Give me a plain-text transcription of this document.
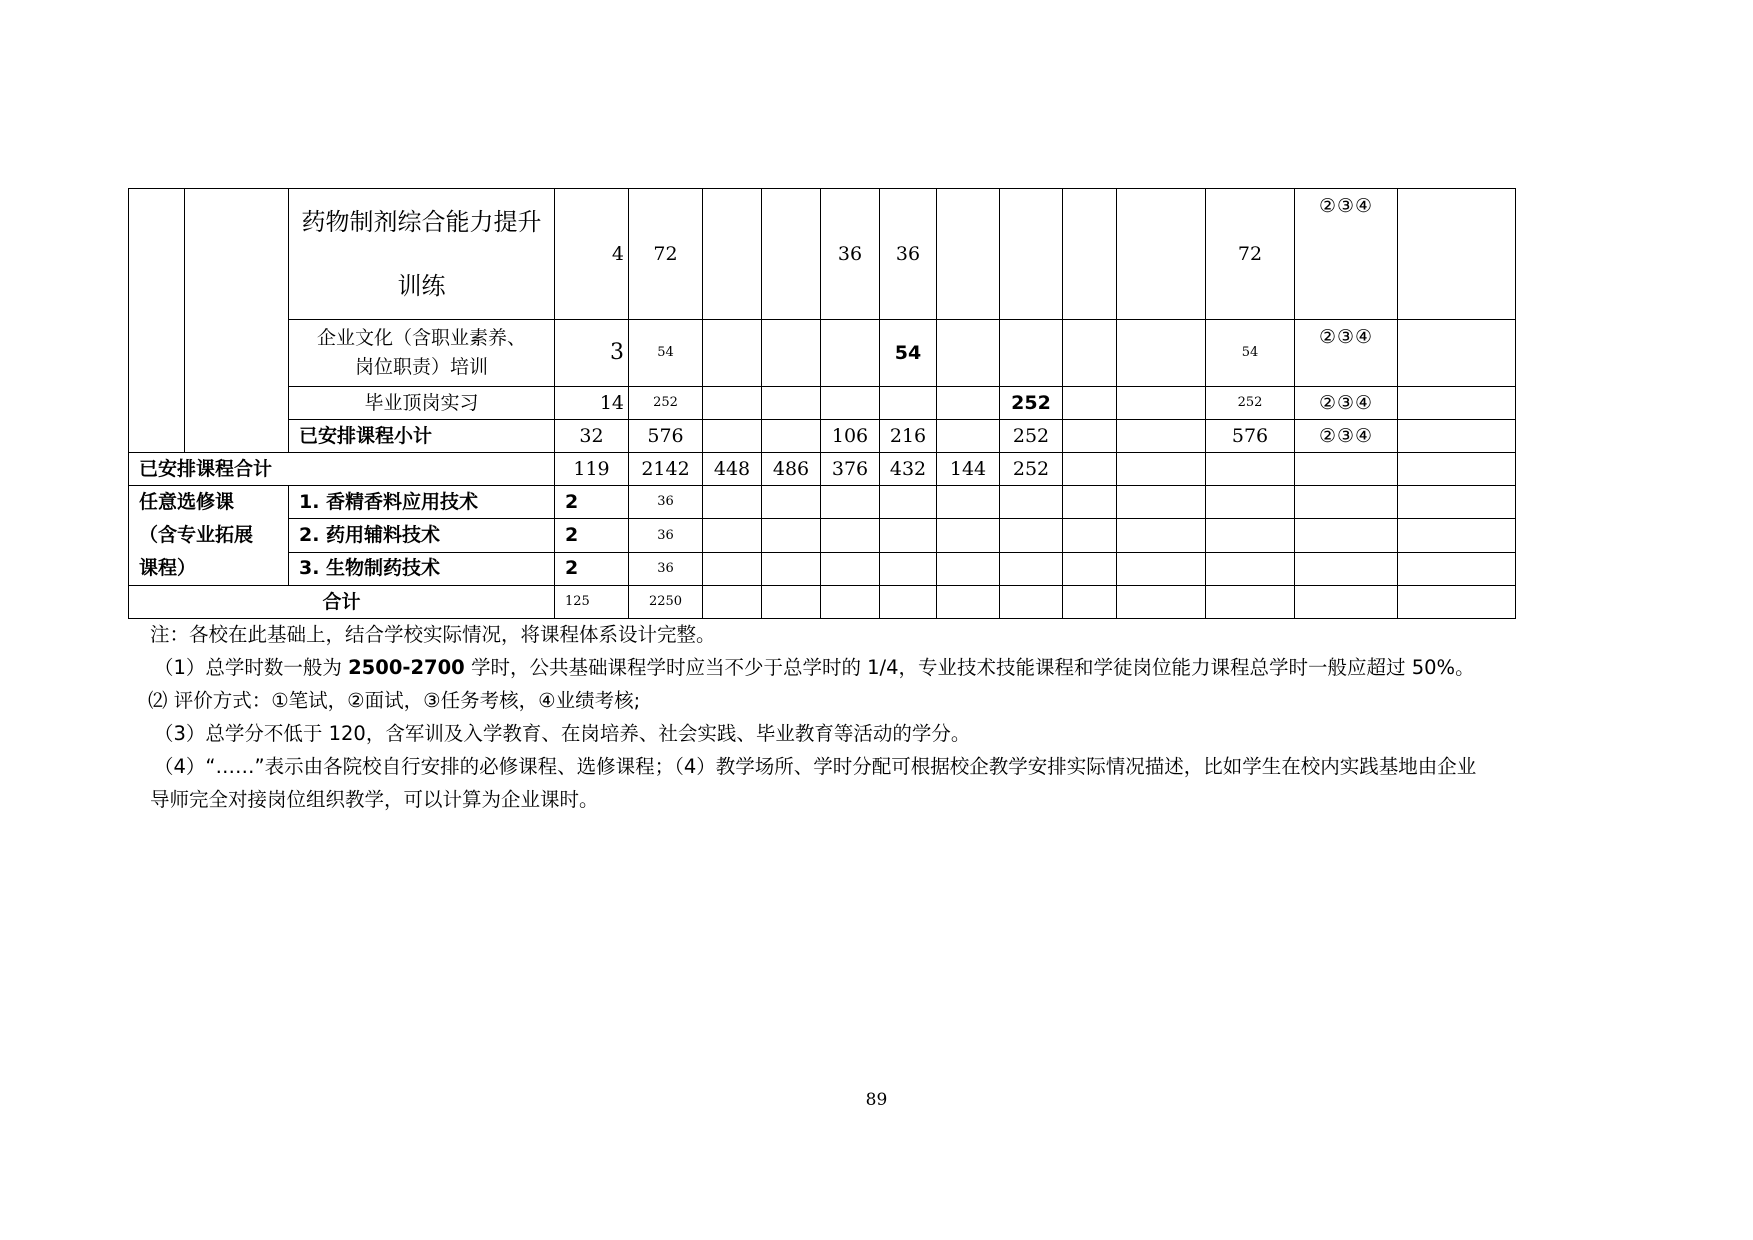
		药物制剂综合能力提升训练	4	72			36	36					72	②③④	

		企业文化（含职业素养、
岗位职责）培训	3	54				54					54	②③④	
		毕业顶岗实习	14	252						252			252	②③④	
		已安排课程小计	32	576			106	216		252			576	②③④	
已安排课程合计			119	2142	448	486	376	432	144	252					

任意选修课
（含专业拓展
课程）		1. 香精香料应用技术	2	36											
		2. 药用辅料技术	2	36											
		3. 生物制药技术	2	36											
合计			125	2250											

注：各校在此基础上，结合学校实际情况，将课程体系设计完整。

（1）总学时数一般为 2500-2700 学时，公共基础课程学时应当不少于总学时的 1/4，专业技术技能课程和学徒岗位能力课程总学时一般应超过 50%。

⑵ 评价方式：①笔试，②面试，③任务考核，④业绩考核;

（3）总学分不低于 120，含军训及入学教育、在岗培养、社会实践、毕业教育等活动的学分。

（4）“……”表示由各院校自行安排的必修课程、选修课程；（4）教学场所、学时分配可根据校企教学安排实际情况描述，比如学生在校内实践基地由企业

导师完全对接岗位组织教学，可以计算为企业课时。

89
